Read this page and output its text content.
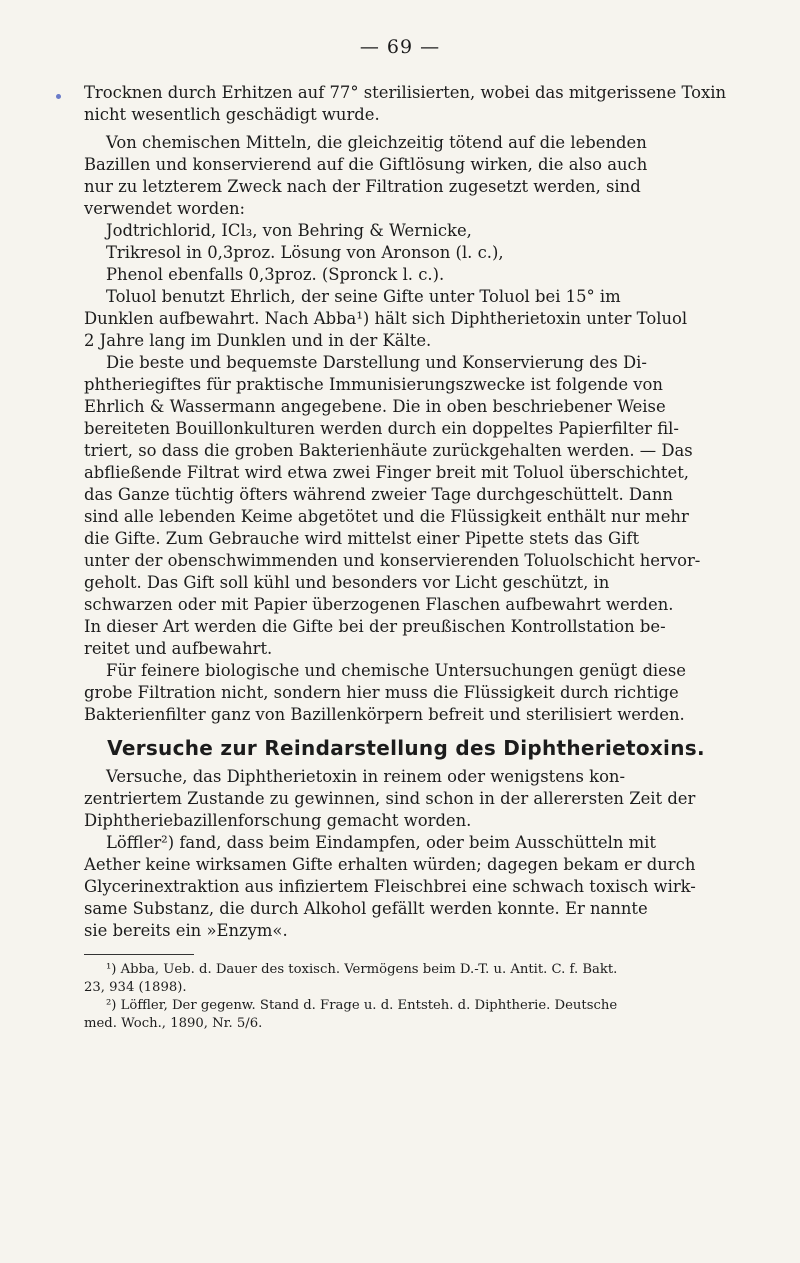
— 69 —

Trocknen durch Erhitzen auf 77° sterilisierten, wobei das mitgerissene Toxin
nicht wesentlich geschädigt wurde.

Von chemischen Mitteln, die gleichzeitig tötend auf die lebenden
Bazillen und konservierend auf die Giftlösung wirken, die also auch
nur zu letzterem Zweck nach der Filtration zugesetzt werden, sind
verwendet worden:

Jodtrichlorid, ICl₃, von Behring & Wernicke,
Trikresol in 0,3proz. Lösung von Aronson (l. c.),
Phenol ebenfalls 0,3proz. (Spronck l. c.).
Toluol benutzt Ehrlich, der seine Gifte unter Toluol bei 15° im
Dunklen aufbewahrt. Nach Abba¹) hält sich Diphtherietoxin unter Toluol
2 Jahre lang im Dunklen und in der Kälte.

Die beste und bequemste Darstellung und Konservierung des Di-
phtheriegiftes für praktische Immunisierungszwecke ist folgende von
Ehrlich & Wassermann angegebene. Die in oben beschriebener Weise
bereiteten Bouillonkulturen werden durch ein doppeltes Papierfilter fil-
triert, so dass die groben Bakterienhäute zurückgehalten werden. — Das
abfließende Filtrat wird etwa zwei Finger breit mit Toluol überschichtet,
das Ganze tüchtig öfters während zweier Tage durchgeschüttelt. Dann
sind alle lebenden Keime abgetötet und die Flüssigkeit enthält nur mehr
die Gifte. Zum Gebrauche wird mittelst einer Pipette stets das Gift
unter der obenschwimmenden und konservierenden Toluolschicht hervor-
geholt. Das Gift soll kühl und besonders vor Licht geschützt, in
schwarzen oder mit Papier überzogenen Flaschen aufbewahrt werden.
In dieser Art werden die Gifte bei der preußischen Kontrollstation be-
reitet und aufbewahrt.

Für feinere biologische und chemische Untersuchungen genügt diese
grobe Filtration nicht, sondern hier muss die Flüssigkeit durch richtige
Bakterienfilter ganz von Bazillenkörpern befreit und sterilisiert werden.

Versuche zur Reindarstellung des Diphtherietoxins.

Versuche, das Diphtherietoxin in reinem oder wenigstens kon-
zentriertem Zustande zu gewinnen, sind schon in der allerersten Zeit der
Diphtheriebazillenforschung gemacht worden.

Löffler²) fand, dass beim Eindampfen, oder beim Ausschütteln mit
Aether keine wirksamen Gifte erhalten würden; dagegen bekam er durch
Glycerinextraktion aus infiziertem Fleischbrei eine schwach toxisch wirk-
same Substanz, die durch Alkohol gefällt werden konnte. Er nannte
sie bereits ein »Enzym«.

¹) Abba, Ueb. d. Dauer des toxisch. Vermögens beim D.-T. u. Antit. C. f. Bakt.
23, 934 (1898).

²) Löffler, Der gegenw. Stand d. Frage u. d. Entsteh. d. Diphtherie. Deutsche
med. Woch., 1890, Nr. 5/6.
